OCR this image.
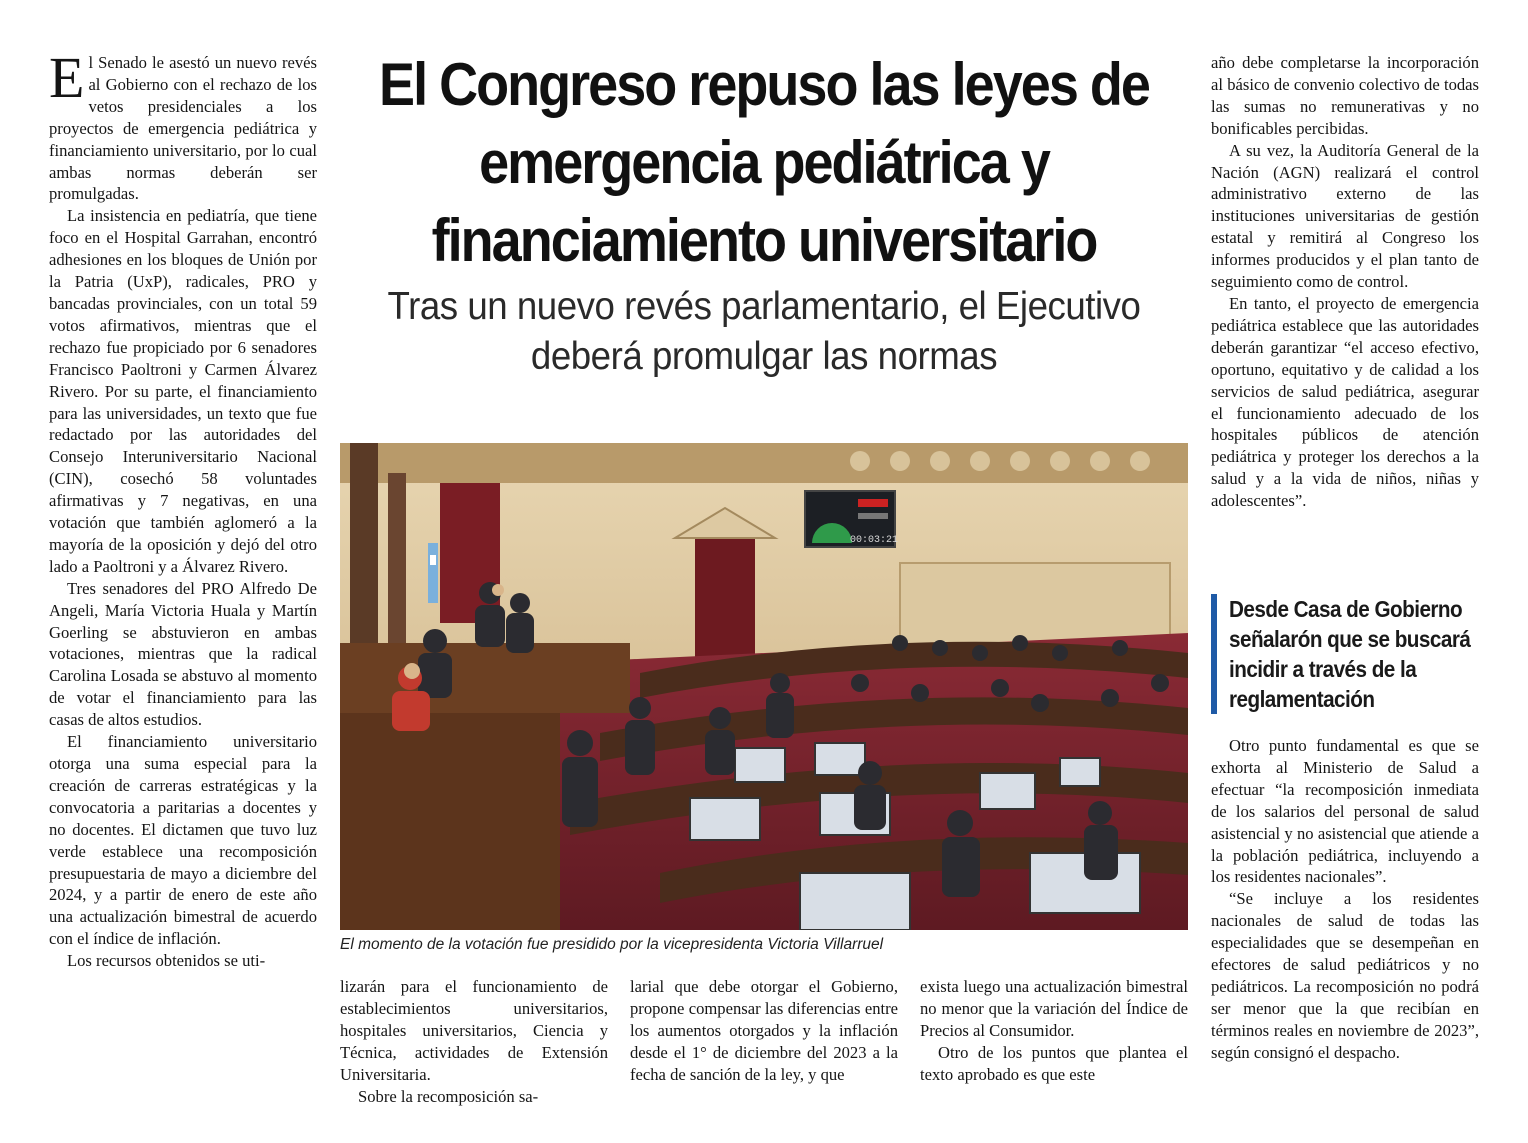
El Senado le asestó un nuevo revés al Gobierno con el rechazo de los vetos presidenciales a los proyectos de emergencia pediátrica y financiamiento universitario, por lo cual ambas normas deberán ser promulgadas.

La insistencia en pediatría, que tiene foco en el Hospital Garrahan, encontró adhesiones en los bloques de Unión por la Patria (UxP), radicales, PRO y bancadas provinciales, con un total 59 votos afirmativos, mientras que el rechazo fue propiciado por 6 senadores Francisco Paoltroni y Carmen Álvarez Rivero. Por su parte, el financiamiento para las universidades, un texto que fue redactado por las autoridades del Consejo Interuniversitario Nacional (CIN), cosechó 58 voluntades afirmativas y 7 negativas, en una votación que también aglomeró a la mayoría de la oposición y dejó del otro lado a Paoltroni y a Álvarez Rivero.

Tres senadores del PRO Alfredo De Angeli, María Victoria Huala y Martín Goerling se abstuvieron en ambas votaciones, mientras que la radical Carolina Losada se abstuvo al momento de votar el financiamiento para las casas de altos estudios.

El financiamiento universitario otorga una suma especial para la creación de carreras estratégicas y la convocatoria a paritarias a docentes y no docentes. El dictamen que tuvo luz verde establece una recomposición presupuestaria de mayo a diciembre del 2024, y a partir de enero de este año una actualización bimestral de acuerdo con el índice de inflación.

Los recursos obtenidos se uti-

El Congreso repuso las leyes de emergencia pediátrica y financiamiento universitario
Tras un nuevo revés parlamentario, el Ejecutivo deberá promulgar las normas
00:03:21
El momento de la votación fue presidido por la vicepresidenta Victoria Villarruel

lizarán para el funcionamiento de establecimientos universitarios, hospitales universitarios, Ciencia y Técnica, actividades de Extensión Universitaria.

Sobre la recomposición sa-

larial que debe otorgar el Gobierno, propone compensar las diferencias entre los aumentos otorgados y la inflación desde el 1° de diciembre del 2023 a la fecha de sanción de la ley, y que

exista luego una actualización bimestral no menor que la variación del Índice de Precios al Consumidor.

Otro de los puntos que plantea el texto aprobado es que este

año debe completarse la incorporación al básico de convenio colectivo de todas las sumas no remunerativas y no bonificables percibidas.

A su vez, la Auditoría General de la Nación (AGN) realizará el control administrativo externo de las instituciones universitarias de gestión estatal y remitirá al Congreso los informes producidos y el plan tanto de seguimiento como de control.

En tanto, el proyecto de emergencia pediátrica establece que las autoridades deberán garantizar “el acceso efectivo, oportuno, equitativo y de calidad a los servicios de salud pediátrica, asegurar el funcionamiento adecuado de los hospitales públicos de atención pediátrica y proteger los derechos a la salud y a la vida de niños, niñas y adolescentes”.

Desde Casa de Gobierno señalarón que se buscará incidir a través de la reglamentación

Otro punto fundamental es que se exhorta al Ministerio de Salud a efectuar “la recomposición inmediata de los salarios del personal de salud asistencial y no asistencial que atiende a la población pediátrica, incluyendo a los residentes nacionales”.

“Se incluye a los residentes nacionales de salud de todas las especialidades que se desempeñan en efectores de salud pediátricos y no pediátricos. La recomposición no podrá ser menor que la que recibían en términos reales en noviembre de 2023”, según consignó el despacho.
